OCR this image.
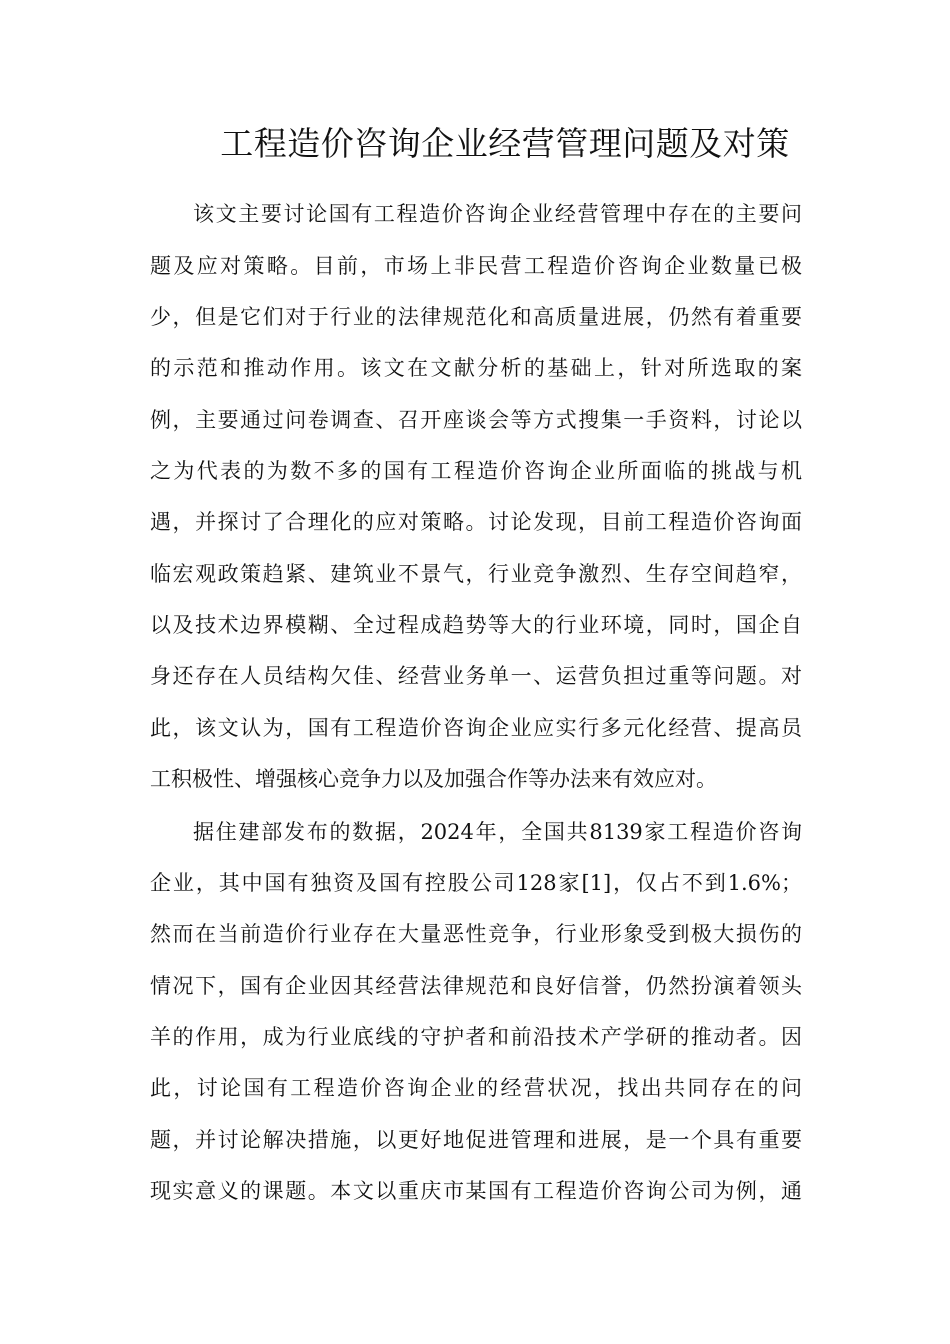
工程造价咨询企业经营管理问题及对策
该文主要讨论国有工程造价咨询企业经营管理中存在的主要问
题及应对策略。目前，市场上非民营工程造价咨询企业数量已极
少，但是它们对于行业的法律规范化和高质量进展，仍然有着重要
的示范和推动作用。该文在文献分析的基础上，针对所选取的案
例，主要通过问卷调查、召开座谈会等方式搜集一手资料，讨论以
之为代表的为数不多的国有工程造价咨询企业所面临的挑战与机
遇，并探讨了合理化的应对策略。讨论发现，目前工程造价咨询面
临宏观政策趋紧、建筑业不景气，行业竞争激烈、生存空间趋窄，
以及技术边界模糊、全过程成趋势等大的行业环境，同时，国企自
身还存在人员结构欠佳、经营业务单一、运营负担过重等问题。对
此，该文认为，国有工程造价咨询企业应实行多元化经营、提高员
工积极性、增强核心竞争力以及加强合作等办法来有效应对。
据住建部发布的数据，2024年，全国共8139家工程造价咨询
企业，其中国有独资及国有控股公司128家[1]，仅占不到1.6%；
然而在当前造价行业存在大量恶性竞争，行业形象受到极大损伤的
情况下，国有企业因其经营法律规范和良好信誉，仍然扮演着领头
羊的作用，成为行业底线的守护者和前沿技术产学研的推动者。因
此，讨论国有工程造价咨询企业的经营状况，找出共同存在的问
题，并讨论解决措施，以更好地促进管理和进展，是一个具有重要
现实意义的课题。本文以重庆市某国有工程造价咨询公司为例，通
